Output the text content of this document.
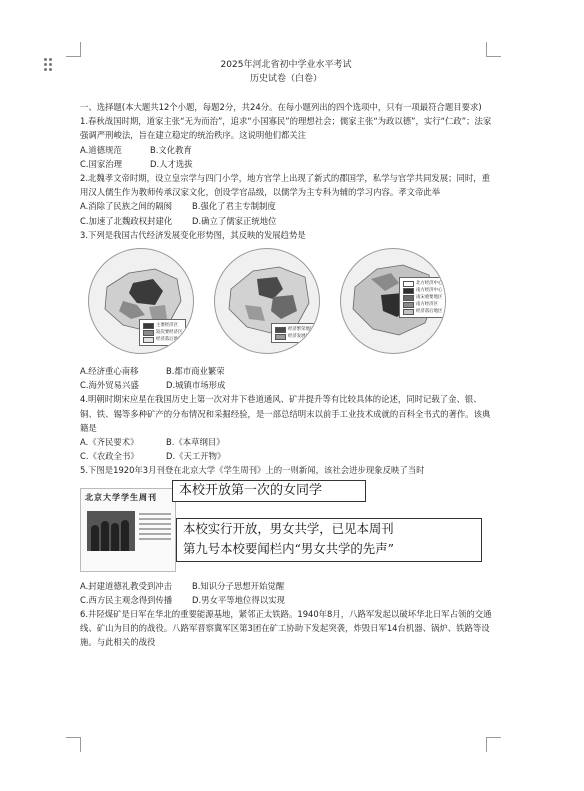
2025年河北省初中学业水平考试
历史试卷（白卷）

一、选择题(本大题共12个小题，每题2分，共24分。在每小题列出的四个选项中，只有一项最符合题目要求)

1.春秋战国时期，道家主张“无为而治”，追求“小国寡民”的理想社会；儒家主张“为政以德”，实行“仁政”；法家强调严刑峻法，旨在建立稳定的统治秩序。这说明他们都关注

A.道德规范	B.文化教育
C.国家治理	D.人才选拔

2.北魏孝文帝时期，设立皇宗学与四门小学，地方官学上出现了新式的郡国学，私学与官学共同发展；同时，重用汉人儒生作为教师传承汉家文化，创设学官品级，以儒学为主专科为辅的学习内容。孝文帝此举

A.消除了民族之间的隔阂	B.强化了君主专制制度
C.加速了北魏政权封建化	D.确立了儒家正统地位

3.下列是我国古代经济发展变化形势图，其反映的发展趋势是

主要经济区
较次要经济区
经济落后地区
经济繁荣地区
经济发展地区
北方经济中心
南方经济中心
南宋重要地区
南方经济区
经济落后地区
A.经济重心南移	B.都市商业繁荣
C.海外贸易兴盛	D.城镇市场形成

4.明朝时期宋应星在我国历史上第一次对井下巷道通风、矿井提升等有比较具体的论述，同时记载了金、银、铜、铁、锡等多种矿产的分布情况和采掘经验，是一部总结明末以前手工业技术成就的百科全书式的著作。该典籍是

A.《齐民要术》	B.《本草纲目》
C.《农政全书》	D.《天工开物》

5.下图是1920年3月刊登在北京大学《学生周刊》上的一则新闻，该社会进步现象反映了当时

北京大学学生周刊	本校开放第一次的女同学
本校实行开放，男女共学，已见本周刊
第九号本校要闻栏内“男女共学的先声”
A.封建道德礼教受到冲击	B.知识分子思想开始觉醒
C.西方民主观念得到传播	D.男女平等地位得以实现

6.井陉煤矿是日军在华北的重要能源基地，紧邻正太铁路。1940年8月，八路军发起以破坏华北日军占领的交通线、矿山为目的的战役。八路军晋察冀军区第3团在矿工协助下发起突袭，炸毁日军14台机器、锅炉、铁路等设施。与此相关的战役
